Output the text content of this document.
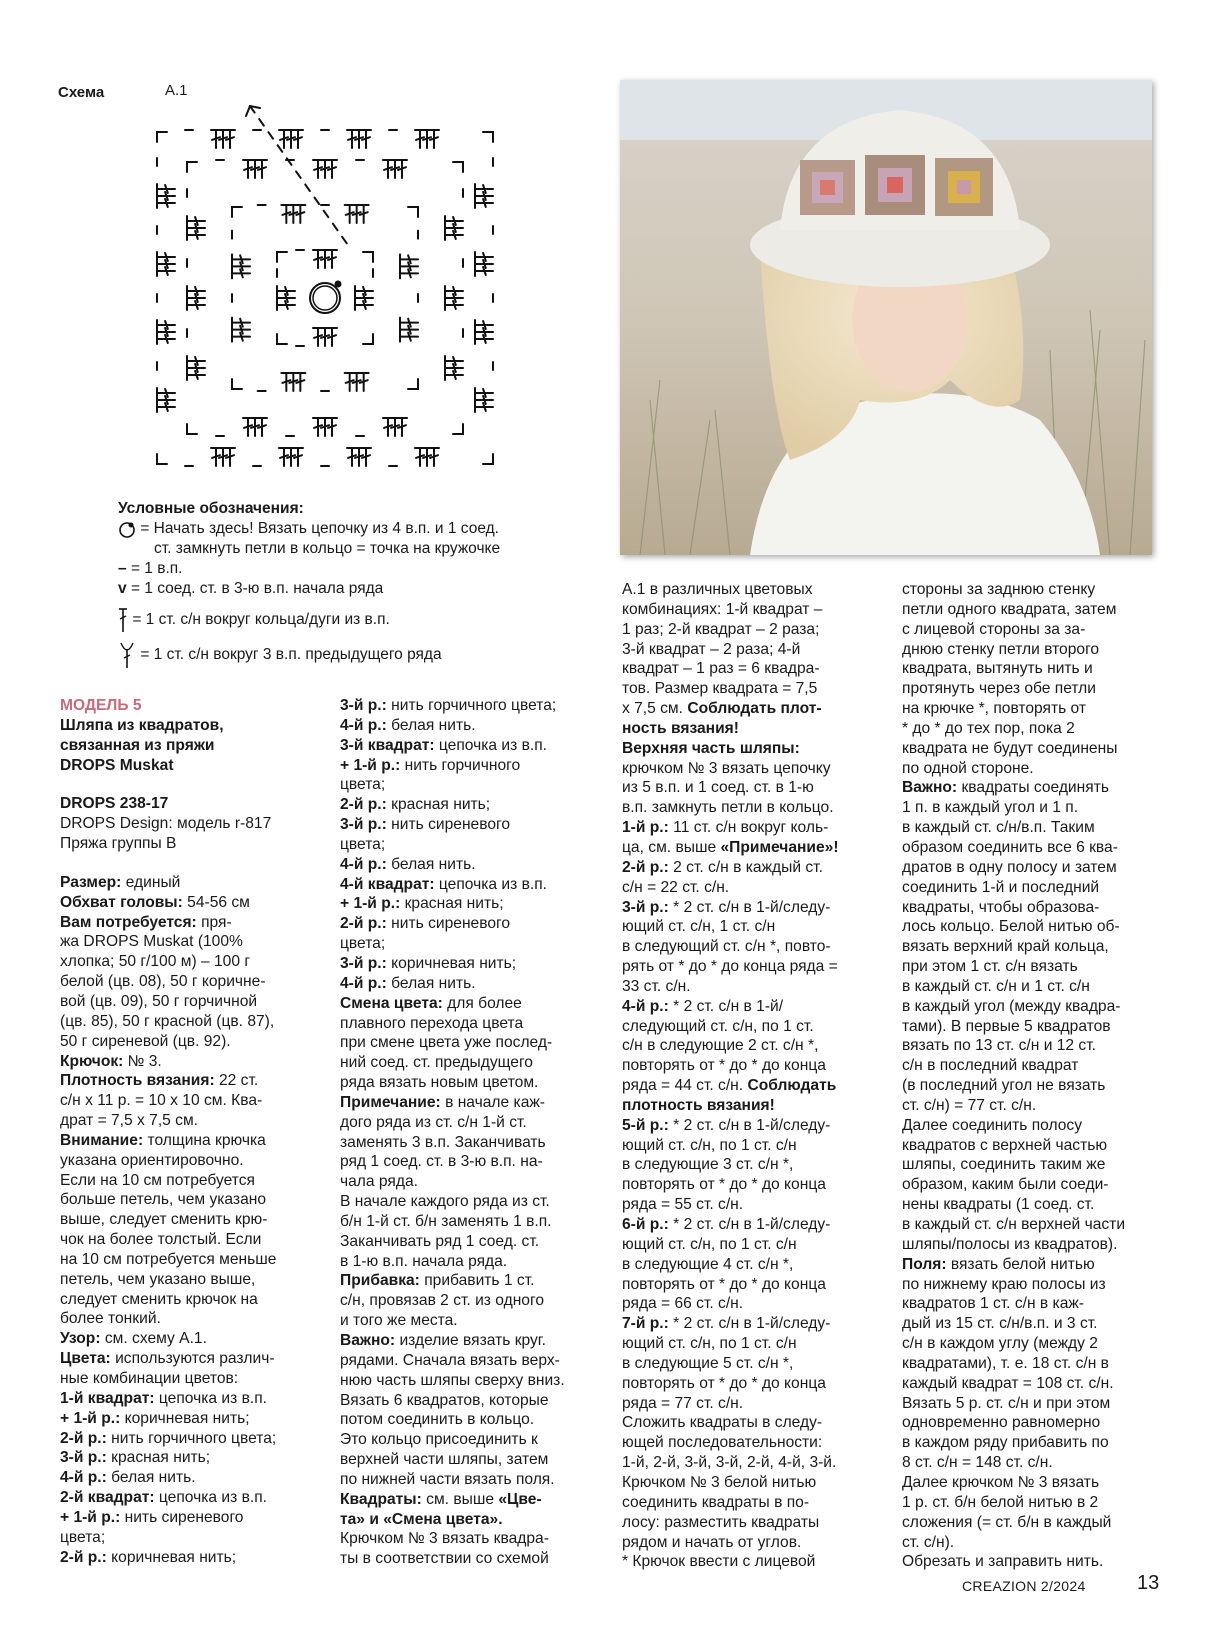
Схема	A.1
Условные обозначения:
= Начать здесь! Вязать цепочку из 4 в.п. и 1 соед.
ст. замкнуть петли в кольцо = точка на кружочке
– = 1 в.п.
v = 1 соед. ст. в 3-ю в.п. начала ряда
= 1 ст. с/н вокруг кольца/дуги из в.п.
= 1 ст. с/н вокруг 3 в.п. предыдущего ряда

МОДЕЛЬ 5

Шляпа из квадратов,

связанная из пряжи

DROPS Muskat

DROPS 238-17

DROPS Design: модель r-817

Пряжа группы B

Размер: единый

Обхват головы: 54-56 см

Вам потребуется: пря-

жа DROPS Muskat (100%

хлопка; 50 г/100 м) – 100 г

белой (цв. 08), 50 г коричне-

вой (цв. 09), 50 г горчичной

(цв. 85), 50 г красной (цв. 87),

50 г сиреневой (цв. 92).

Крючок: № 3.

Плотность вязания: 22 ст.

с/н х 11 р. = 10 х 10 см. Ква-

драт = 7,5 х 7,5 см.

Внимание: толщина крючка

указана ориентировочно.

Если на 10 см потребуется

больше петель, чем указано

выше, следует сменить крю-

чок на более толстый. Если

на 10 см потребуется меньше

петель, чем указано выше,

следует сменить крючок на

более тонкий.

Узор: см. схему А.1.

Цвета: используются различ-

ные комбинации цветов:

1-й квадрат: цепочка из в.п.

+ 1-й р.: коричневая нить;

2-й р.: нить горчичного цвета;

3-й р.: красная нить;

4-й р.: белая нить.

2-й квадрат: цепочка из в.п.

+ 1-й р.: нить сиреневого

цвета;

2-й р.: коричневая нить;

3-й р.: нить горчичного цвета;

4-й р.: белая нить.

3-й квадрат: цепочка из в.п.

+ 1-й р.: нить горчичного

цвета;

2-й р.: красная нить;

3-й р.: нить сиреневого

цвета;

4-й р.: белая нить.

4-й квадрат: цепочка из в.п.

+ 1-й р.: красная нить;

2-й р.: нить сиреневого

цвета;

3-й р.: коричневая нить;

4-й р.: белая нить.

Смена цвета: для более

плавного перехода цвета

при смене цвета уже послед-

ний соед. ст. предыдущего

ряда вязать новым цветом.

Примечание: в начале каж-

дого ряда из ст. с/н 1-й ст.

заменять 3 в.п. Заканчивать

ряд 1 соед. ст. в 3-ю в.п. на-

чала ряда.

В начале каждого ряда из ст.

б/н 1-й ст. б/н заменять 1 в.п.

Заканчивать ряд 1 соед. ст.

в 1-ю в.п. начала ряда.

Прибавка: прибавить 1 ст.

с/н, провязав 2 ст. из одного

и того же места.

Важно: изделие вязать круг.

рядами. Сначала вязать верх-

нюю часть шляпы сверху вниз.

Вязать 6 квадратов, которые

потом соединить в кольцо.

Это кольцо присоединить к

верхней части шляпы, затем

по нижней части вязать поля.

Квадраты: см. выше «Цве-

та» и «Смена цвета».

Крючком № 3 вязать квадра-

ты в соответствии со схемой

A.1 в различных цветовых

комбинациях: 1-й квадрат –

1 раз; 2-й квадрат – 2 раза;

3-й квадрат – 2 раза; 4-й

квадрат – 1 раз = 6 квадра-

тов. Размер квадрата = 7,5

х 7,5 см. Соблюдать плот-

ность вязания!

Верхняя часть шляпы:

крючком № 3 вязать цепочку

из 5 в.п. и 1 соед. ст. в 1-ю

в.п. замкнуть петли в кольцо.

1-й р.: 11 ст. с/н вокруг коль-

ца, см. выше «Примечание»!

2-й р.: 2 ст. с/н в каждый ст.

с/н = 22 ст. с/н.

3-й р.: * 2 ст. с/н в 1-й/следу-

ющий ст. с/н, 1 ст. с/н

в следующий ст. с/н *, повто-

рять от * до * до конца ряда =

33 ст. с/н.

4-й р.: * 2 ст. с/н в 1-й/

следующий ст. с/н, по 1 ст.

с/н в следующие 2 ст. с/н *,

повторять от * до * до конца

ряда = 44 ст. с/н. Соблюдать

плотность вязания!

5-й р.: * 2 ст. с/н в 1-й/следу-

ющий ст. с/н, по 1 ст. с/н

в следующие 3 ст. с/н *,

повторять от * до * до конца

ряда = 55 ст. с/н.

6-й р.: * 2 ст. с/н в 1-й/следу-

ющий ст. с/н, по 1 ст. с/н

в следующие 4 ст. с/н *,

повторять от * до * до конца

ряда = 66 ст. с/н.

7-й р.: * 2 ст. с/н в 1-й/следу-

ющий ст. с/н, по 1 ст. с/н

в следующие 5 ст. с/н *,

повторять от * до * до конца

ряда = 77 ст. с/н.

Сложить квадраты в следу-

ющей последовательности:

1-й, 2-й, 3-й, 3-й, 2-й, 4-й, 3-й.

Крючком № 3 белой нитью

соединить квадраты в по-

лосу: разместить квадраты

рядом и начать от углов.

* Крючок ввести с лицевой

стороны за заднюю стенку

петли одного квадрата, затем

с лицевой стороны за за-

днюю стенку петли второго

квадрата, вытянуть нить и

протянуть через обе петли

на крючке *, повторять от

* до * до тех пор, пока 2

квадрата не будут соединены

по одной стороне.

Важно: квадраты соединять

1 п. в каждый угол и 1 п.

в каждый ст. с/н/в.п. Таким

образом соединить все 6 ква-

дратов в одну полосу и затем

соединить 1-й и последний

квадраты, чтобы образова-

лось кольцо. Белой нитью об-

вязать верхний край кольца,

при этом 1 ст. с/н вязать

в каждый ст. с/н и 1 ст. с/н

в каждый угол (между квадра-

тами). В первые 5 квадратов

вязать по 13 ст. с/н и 12 ст.

с/н в последний квадрат

(в последний угол не вязать

ст. с/н) = 77 ст. с/н.

Далее соединить полосу

квадратов с верхней частью

шляпы, соединить таким же

образом, каким были соеди-

нены квадраты (1 соед. ст.

в каждый ст. с/н верхней части

шляпы/полосы из квадратов).

Поля: вязать белой нитью

по нижнему краю полосы из

квадратов 1 ст. с/н в каж-

дый из 15 ст. с/н/в.п. и 3 ст.

с/н в каждом углу (между 2

квадратами), т. е. 18 ст. с/н в

каждый квадрат = 108 ст. с/н.

Вязать 5 р. ст. с/н и при этом

одновременно равномерно

в каждом ряду прибавить по

8 ст. с/н = 148 ст. с/н.

Далее крючком № 3 вязать

1 р. ст. б/н белой нитью в 2

сложения (= ст. б/н в каждый

ст. с/н).

Обрезать и заправить нить.

CREAZION 2/2024	13
